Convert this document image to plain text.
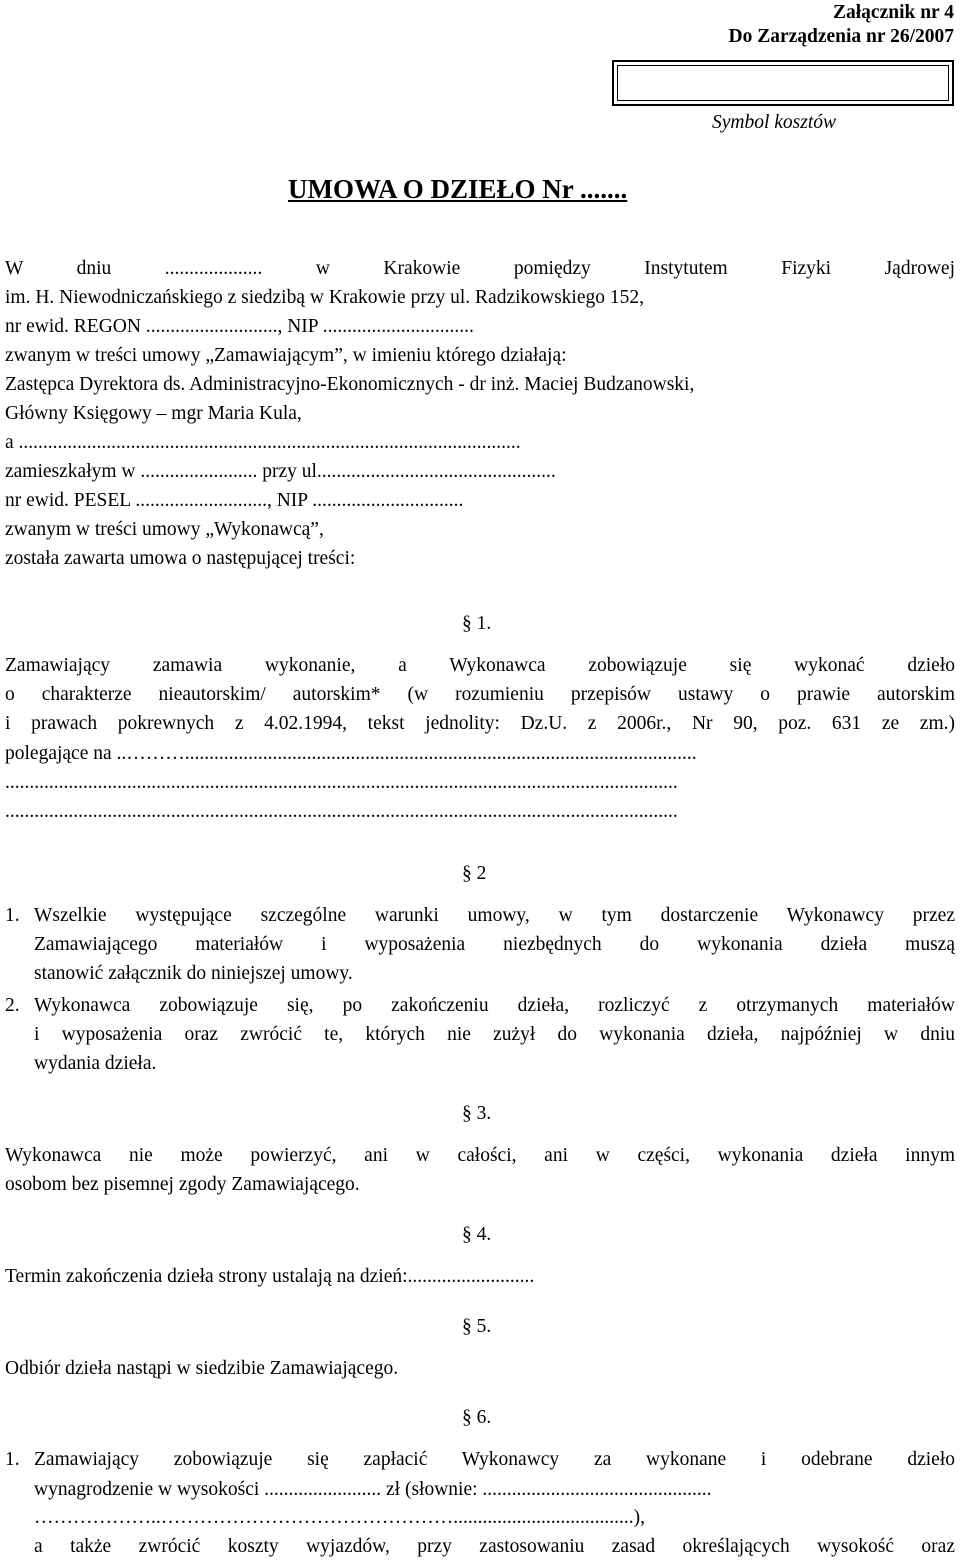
Załącznik nr 4
Do Zarządzenia nr 26/2007
Symbol kosztów
UMOWA O DZIEŁO Nr .......
W dniu .................... w Krakowie pomiędzy Instytutem Fizyki Jądrowej
im. H. Niewodniczańskiego z siedzibą w Krakowie przy ul. Radzikowskiego 152,
nr ewid. REGON ..........................., NIP ...............................
zwanym w treści umowy „Zamawiającym”, w imieniu którego działają:
Zastępca Dyrektora ds. Administracyjno-Ekonomicznych - dr inż. Maciej Budzanowski,
Główny Księgowy – mgr Maria Kula,
a .......................................................................................................
zamieszkałym w ........................ przy ul.................................................
nr ewid. PESEL ..........................., NIP ...............................
zwanym w treści umowy „Wykonawcą”,
została zawarta umowa o następującej treści:
§ 1.
Zamawiający zamawia wykonanie, a Wykonawca zobowiązuje się wykonać dzieło
o charakterze nieautorskim/ autorskim* (w rozumieniu przepisów ustawy o prawie autorskim
i prawach pokrewnych z 4.02.1994, tekst jednolity: Dz.U. z 2006r., Nr 90, poz. 631 ze zm.)
polegające na ..……….........................................................................................................
..........................................................................................................................................
..........................................................................................................................................
§ 2
1. Wszelkie występujące szczególne warunki umowy, w tym dostarczenie Wykonawcy przez
Zamawiającego materiałów i wyposażenia niezbędnych do wykonania dzieła muszą
stanowić załącznik do niniejszej umowy.
2. Wykonawca zobowiązuje się, po zakończeniu dzieła, rozliczyć z otrzymanych materiałów
i wyposażenia oraz zwrócić te, których nie zużył do wykonania dzieła, najpóźniej w dniu
wydania dzieła.
§ 3.
Wykonawca nie może powierzyć, ani w całości, ani w części, wykonania dzieła innym
osobom bez pisemnej zgody Zamawiającego.
§ 4.
Termin zakończenia dzieła strony ustalają na dzień:..........................
§ 5.
Odbiór dzieła nastąpi w siedzibie Zamawiającego.
§ 6.
1. Zamawiający zobowiązuje się zapłacić Wykonawcy za wykonane i odebrane dzieło
wynagrodzenie w wysokości ........................ zł (słownie: ...............................................
………………..……………………………………….....................................),
a także zwrócić koszty wyjazdów, przy zastosowaniu zasad określających wysokość oraz
